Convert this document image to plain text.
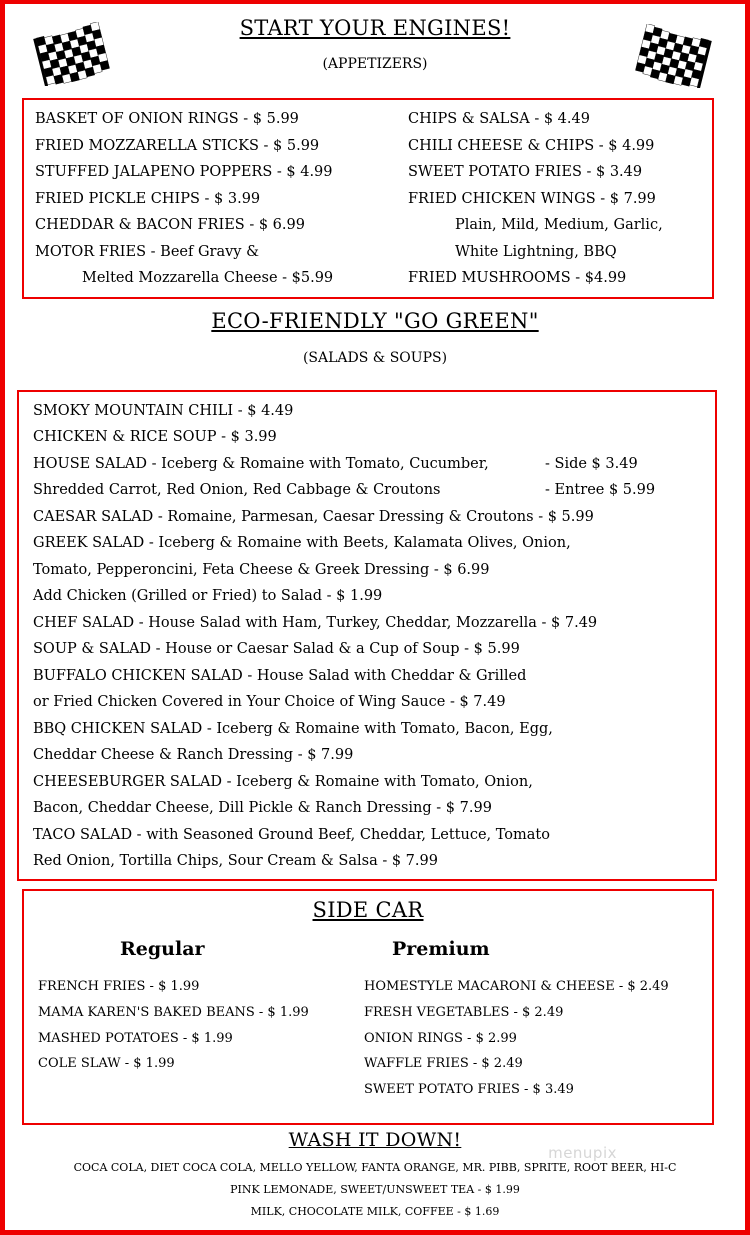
START YOUR ENGINES!
(APPETIZERS)
BASKET OF ONION RINGS - $ 5.99
FRIED MOZZARELLA STICKS - $ 5.99
STUFFED JALAPENO POPPERS - $ 4.99
FRIED PICKLE CHIPS - $ 3.99
CHEDDAR & BACON FRIES - $ 6.99
MOTOR FRIES - Beef Gravy &
Melted Mozzarella Cheese - $5.99
CHIPS & SALSA - $ 4.49
CHILI CHEESE & CHIPS - $ 4.99
SWEET POTATO FRIES - $ 3.49
FRIED CHICKEN WINGS - $ 7.99
Plain, Mild, Medium, Garlic,
White Lightning, BBQ
FRIED MUSHROOMS - $4.99
ECO-FRIENDLY "GO GREEN"
(SALADS & SOUPS)
SMOKY MOUNTAIN CHILI - $ 4.49
CHICKEN & RICE SOUP - $ 3.99
HOUSE SALAD - Iceberg & Romaine with Tomato, Cucumber,	- Side $ 3.49
Shredded Carrot, Red Onion, Red Cabbage & Croutons	- Entree $ 5.99
CAESAR SALAD - Romaine, Parmesan, Caesar Dressing & Croutons - $ 5.99
GREEK SALAD - Iceberg & Romaine with Beets, Kalamata Olives, Onion,
Tomato, Pepperoncini, Feta Cheese & Greek Dressing - $ 6.99
Add Chicken (Grilled or Fried) to Salad - $ 1.99
CHEF SALAD - House Salad with Ham, Turkey, Cheddar, Mozzarella - $ 7.49
SOUP & SALAD - House or Caesar Salad & a Cup of Soup - $ 5.99
BUFFALO CHICKEN SALAD - House Salad with Cheddar & Grilled
or Fried Chicken Covered in Your Choice of Wing Sauce - $ 7.49
BBQ CHICKEN SALAD - Iceberg & Romaine with Tomato, Bacon, Egg,
Cheddar Cheese & Ranch Dressing - $ 7.99
CHEESEBURGER SALAD - Iceberg & Romaine with Tomato, Onion,
Bacon, Cheddar Cheese, Dill Pickle & Ranch Dressing - $ 7.99
TACO SALAD - with Seasoned Ground Beef, Cheddar, Lettuce, Tomato
Red Onion, Tortilla Chips, Sour Cream & Salsa - $ 7.99
SIDE CAR
Regular	Premium
FRENCH FRIES - $ 1.99
MAMA KAREN'S BAKED BEANS - $ 1.99
MASHED POTATOES - $ 1.99
COLE SLAW - $ 1.99
HOMESTYLE MACARONI & CHEESE - $ 2.49
FRESH VEGETABLES - $ 2.49
ONION RINGS - $ 2.99
WAFFLE FRIES - $ 2.49
SWEET POTATO FRIES - $ 3.49
WASH IT DOWN!
COCA COLA, DIET COCA COLA, MELLO YELLOW, FANTA ORANGE, MR. PIBB, SPRITE, ROOT BEER, HI-C
PINK LEMONADE, SWEET/UNSWEET TEA - $ 1.99
MILK, CHOCOLATE MILK, COFFEE - $ 1.69
menupix
